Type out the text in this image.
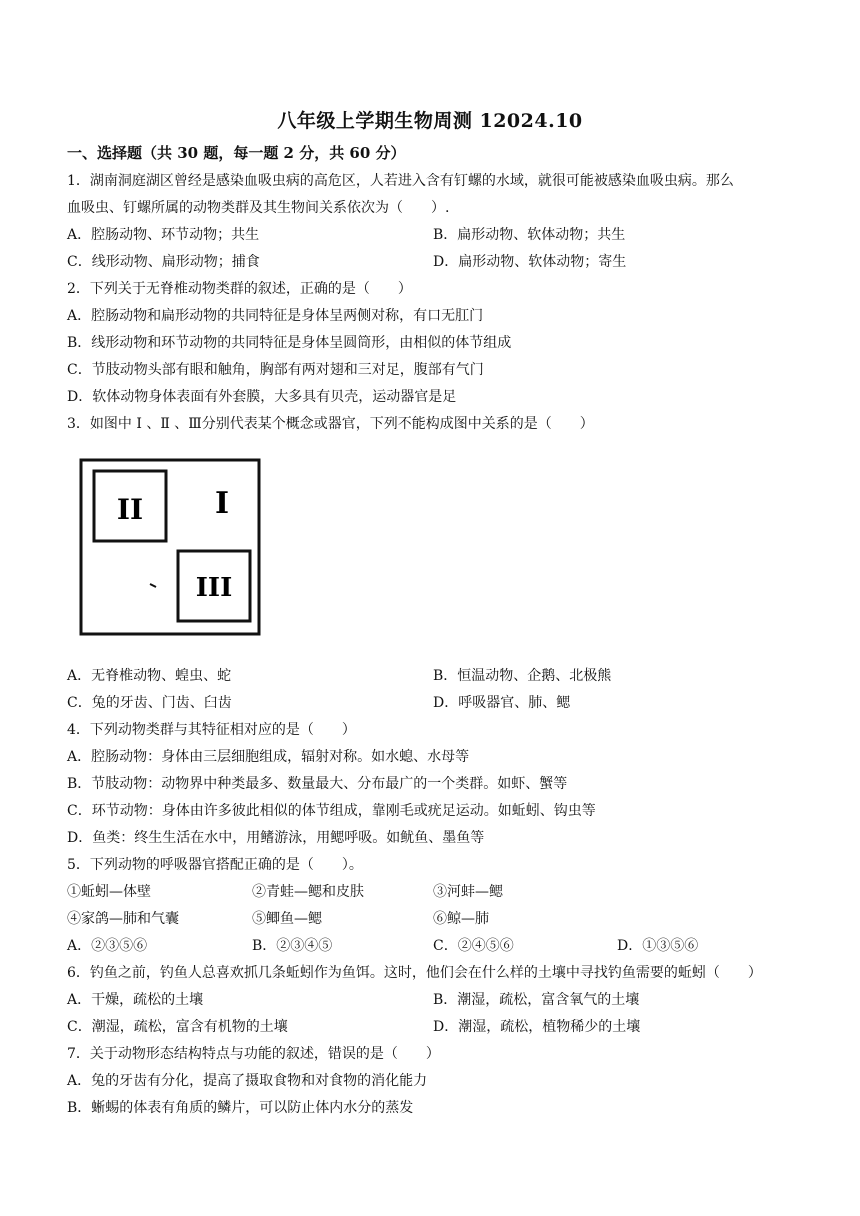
八年级上学期生物周测 12024.10
一、选择题（共 30 题，每一题 2 分，共 60 分）
1．湖南洞庭湖区曾经是感染血吸虫病的高危区，人若进入含有钉螺的水域，就很可能被感染血吸虫病。那么
血吸虫、钉螺所属的动物类群及其生物间关系依次为（　　）.
A．腔肠动物、环节动物；共生	B．扁形动物、软体动物；共生
C．线形动物、扁形动物；捕食	D．扁形动物、软体动物；寄生
2．下列关于无脊椎动物类群的叙述，正确的是（　　）
A．腔肠动物和扁形动物的共同特征是身体呈两侧对称，有口无肛门
B．线形动物和环节动物的共同特征是身体呈圆筒形，由相似的体节组成
C．节肢动物头部有眼和触角，胸部有两对翅和三对足，腹部有气门
D．软体动物身体表面有外套膜，大多具有贝壳，运动器官是足
3．如图中 Ⅰ 、Ⅱ 、Ⅲ分别代表某个概念或器官，下列不能构成图中关系的是（　　）
I
II
III
A．无脊椎动物、蝗虫、蛇	B．恒温动物、企鹅、北极熊
C．兔的牙齿、门齿、臼齿	D．呼吸器官、肺、鳃
4．下列动物类群与其特征相对应的是（　　）
A．腔肠动物：身体由三层细胞组成，辐射对称。如水螅、水母等
B．节肢动物：动物界中种类最多、数量最大、分布最广的一个类群。如虾、蟹等
C．环节动物：身体由许多彼此相似的体节组成，靠刚毛或疣足运动。如蚯蚓、钩虫等
D．鱼类：终生生活在水中，用鳍游泳，用鳃呼吸。如鱿鱼、墨鱼等
5．下列动物的呼吸器官搭配正确的是（　　）。
①蚯蚓—体壁	②青蛙—鳃和皮肤	③河蚌—鳃
④家鸽—肺和气囊	⑤鲫鱼—鳃	⑥鲸—肺
A．②③⑤⑥	B．②③④⑤	C．②④⑤⑥	D．①③⑤⑥
6．钓鱼之前，钓鱼人总喜欢抓几条蚯蚓作为鱼饵。这时，他们会在什么样的土壤中寻找钓鱼需要的蚯蚓（　　）
A．干燥，疏松的土壤	B．潮湿，疏松，富含氧气的土壤
C．潮湿，疏松，富含有机物的土壤	D．潮湿，疏松，植物稀少的土壤
7．关于动物形态结构特点与功能的叙述，错误的是（　　）
A．兔的牙齿有分化，提高了摄取食物和对食物的消化能力
B．蜥蜴的体表有角质的鳞片，可以防止体内水分的蒸发
